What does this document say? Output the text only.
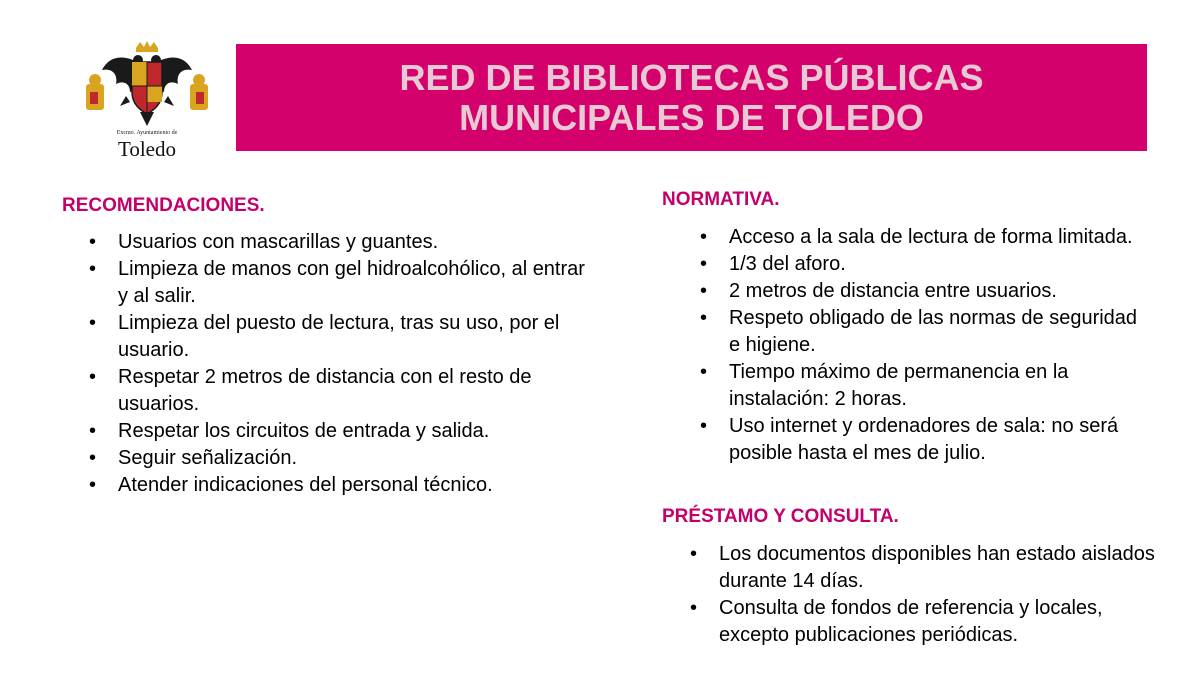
Excmo. Ayuntamiento de
Toledo
RED DE BIBLIOTECAS PÚBLICAS
MUNICIPALES DE TOLEDO
RECOMENDACIONES.
• Usuarios con mascarillas y guantes.
• Limpieza de manos con gel hidroalcohólico, al entrar y al salir.
• Limpieza del puesto de lectura, tras su uso, por el usuario.
• Respetar 2 metros de distancia con el resto de usuarios.
• Respetar los circuitos de entrada y salida.
• Seguir señalización.
• Atender indicaciones del personal técnico.
NORMATIVA.
• Acceso a la sala de lectura de forma limitada.
• 1/3 del aforo.
• 2 metros de distancia entre usuarios.
• Respeto obligado de las normas de seguridad e higiene.
• Tiempo máximo de permanencia en la instalación: 2 horas.
• Uso internet y ordenadores de sala: no será posible hasta el mes de julio.
PRÉSTAMO Y CONSULTA.
• Los documentos disponibles han estado aislados durante 14 días.
• Consulta de fondos de referencia y locales, excepto publicaciones periódicas.
